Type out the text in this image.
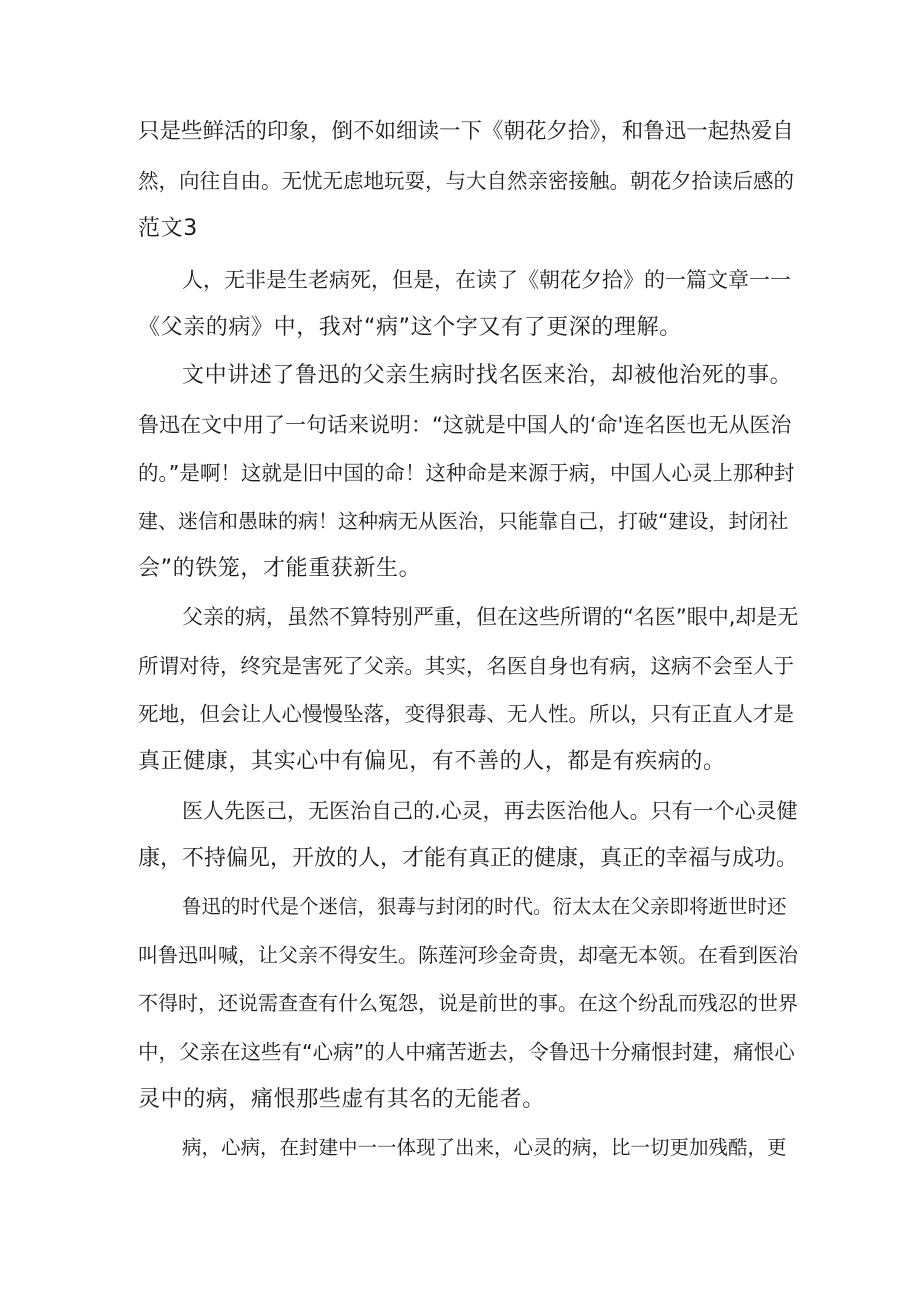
只是些鲜活的印象，倒不如细读一下《朝花夕拾》，和鲁迅一起热爱自
然，向往自由。无忧无虑地玩耍，与大自然亲密接触。朝花夕拾读后感的
范文3
人，无非是生老病死，但是，在读了《朝花夕拾》的一篇文章一一
《父亲的病》中，我对“病”这个字又有了更深的理解。
文中讲述了鲁迅的父亲生病时找名医来治，却被他治死的事。
鲁迅在文中用了一句话来说明：“这就是中国人的‘命'连名医也无从医治
的。”是啊！这就是旧中国的命！这种命是来源于病，中国人心灵上那种封
建、迷信和愚昧的病！这种病无从医治，只能靠自己，打破“建设，封闭社
会”的铁笼，才能重获新生。
父亲的病，虽然不算特别严重，但在这些所谓的“名医”眼中,却是无
所谓对待，终究是害死了父亲。其实，名医自身也有病，这病不会至人于
死地，但会让人心慢慢坠落，变得狠毒、无人性。所以，只有正直人才是
真正健康，其实心中有偏见，有不善的人，都是有疾病的。
医人先医己，无医治自己的.心灵，再去医治他人。只有一个心灵健
康，不持偏见，开放的人，才能有真正的健康，真正的幸福与成功。
鲁迅的时代是个迷信，狠毒与封闭的时代。衍太太在父亲即将逝世时还
叫鲁迅叫喊，让父亲不得安生。陈莲河珍金奇贵，却毫无本领。在看到医治
不得时，还说需查查有什么冤怨，说是前世的事。在这个纷乱而残忍的世界
中，父亲在这些有“心病”的人中痛苦逝去，令鲁迅十分痛恨封建，痛恨心
灵中的病，痛恨那些虚有其名的无能者。
病，心病，在封建中一一体现了出来，心灵的病，比一切更加残酷，更
